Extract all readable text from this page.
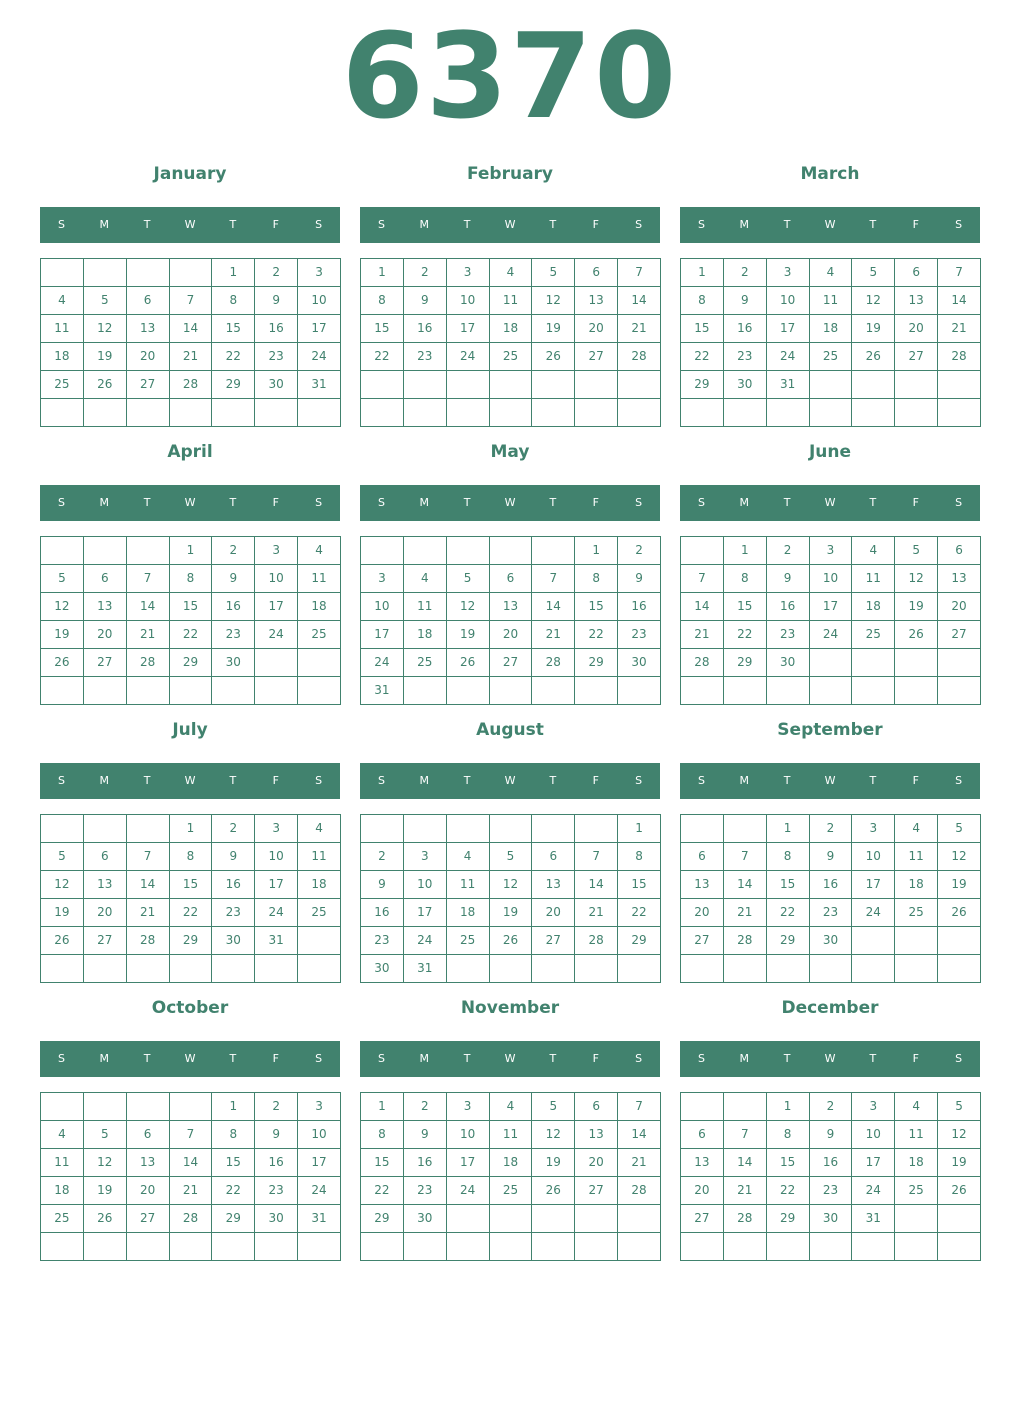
6370
January
S	M	T	W	T	F	S
				1	2	3
4	5	6	7	8	9	10
11	12	13	14	15	16	17
18	19	20	21	22	23	24
25	26	27	28	29	30	31

February
S	M	T	W	T	F	S
1	2	3	4	5	6	7
8	9	10	11	12	13	14
15	16	17	18	19	20	21
22	23	24	25	26	27	28

March
S	M	T	W	T	F	S
1	2	3	4	5	6	7
8	9	10	11	12	13	14
15	16	17	18	19	20	21
22	23	24	25	26	27	28
29	30	31				

April
S	M	T	W	T	F	S
			1	2	3	4
5	6	7	8	9	10	11
12	13	14	15	16	17	18
19	20	21	22	23	24	25
26	27	28	29	30		

May
S	M	T	W	T	F	S
					1	2
3	4	5	6	7	8	9
10	11	12	13	14	15	16
17	18	19	20	21	22	23
24	25	26	27	28	29	30
31						
June
S	M	T	W	T	F	S
	1	2	3	4	5	6
7	8	9	10	11	12	13
14	15	16	17	18	19	20
21	22	23	24	25	26	27
28	29	30				

July
S	M	T	W	T	F	S
			1	2	3	4
5	6	7	8	9	10	11
12	13	14	15	16	17	18
19	20	21	22	23	24	25
26	27	28	29	30	31	

August
S	M	T	W	T	F	S
						1
2	3	4	5	6	7	8
9	10	11	12	13	14	15
16	17	18	19	20	21	22
23	24	25	26	27	28	29
30	31					
September
S	M	T	W	T	F	S
		1	2	3	4	5
6	7	8	9	10	11	12
13	14	15	16	17	18	19
20	21	22	23	24	25	26
27	28	29	30			

October
S	M	T	W	T	F	S
				1	2	3
4	5	6	7	8	9	10
11	12	13	14	15	16	17
18	19	20	21	22	23	24
25	26	27	28	29	30	31

November
S	M	T	W	T	F	S
1	2	3	4	5	6	7
8	9	10	11	12	13	14
15	16	17	18	19	20	21
22	23	24	25	26	27	28
29	30					

December
S	M	T	W	T	F	S
		1	2	3	4	5
6	7	8	9	10	11	12
13	14	15	16	17	18	19
20	21	22	23	24	25	26
27	28	29	30	31		
